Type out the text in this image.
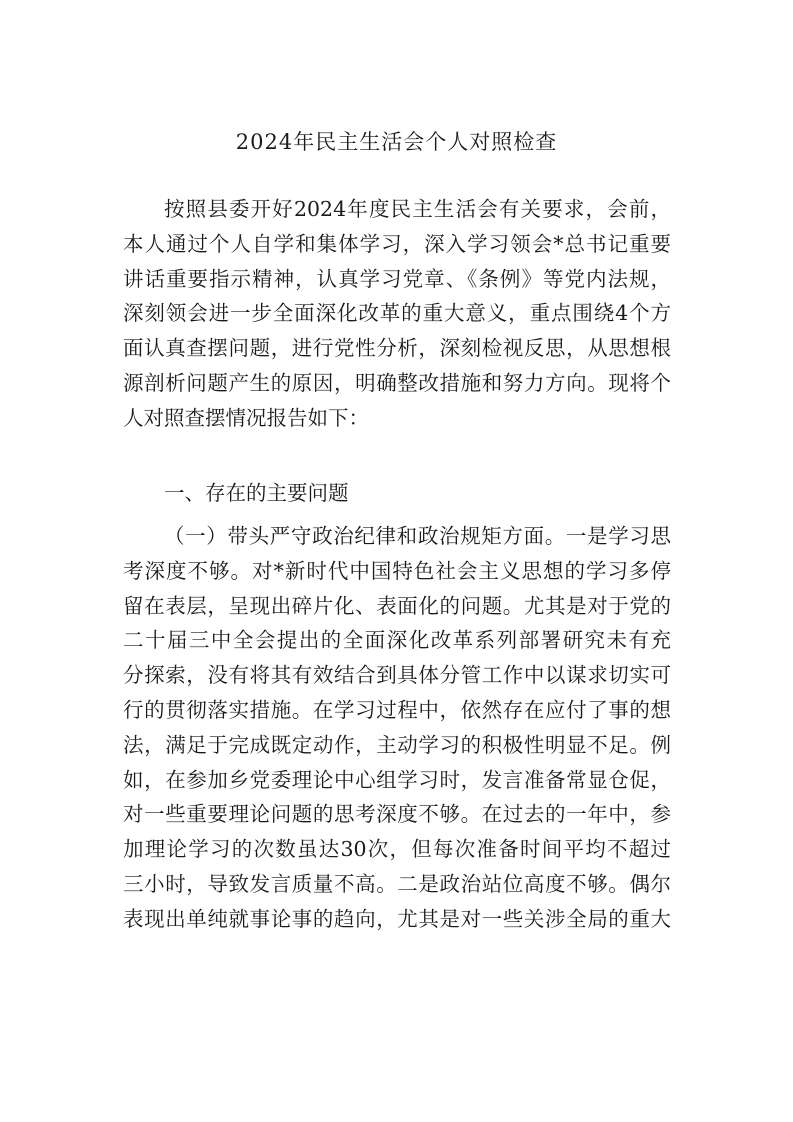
2024年民主生活会个人对照检查
按照县委开好2024年度民主生活会有关要求，会前，
本人通过个人自学和集体学习，深入学习领会*总书记重要
讲话重要指示精神，认真学习党章、《条例》等党内法规，
深刻领会进一步全面深化改革的重大意义，重点围绕4个方
面认真查摆问题，进行党性分析，深刻检视反思，从思想根
源剖析问题产生的原因，明确整改措施和努力方向。现将个
人对照查摆情况报告如下：
一、存在的主要问题
（一）带头严守政治纪律和政治规矩方面。一是学习思
考深度不够。对*新时代中国特色社会主义思想的学习多停
留在表层，呈现出碎片化、表面化的问题。尤其是对于党的
二十届三中全会提出的全面深化改革系列部署研究未有充
分探索，没有将其有效结合到具体分管工作中以谋求切实可
行的贯彻落实措施。在学习过程中，依然存在应付了事的想
法，满足于完成既定动作，主动学习的积极性明显不足。例
如，在参加乡党委理论中心组学习时，发言准备常显仓促，
对一些重要理论问题的思考深度不够。在过去的一年中，参
加理论学习的次数虽达30次，但每次准备时间平均不超过
三小时，导致发言质量不高。二是政治站位高度不够。偶尔
表现出单纯就事论事的趋向，尤其是对一些关涉全局的重大
